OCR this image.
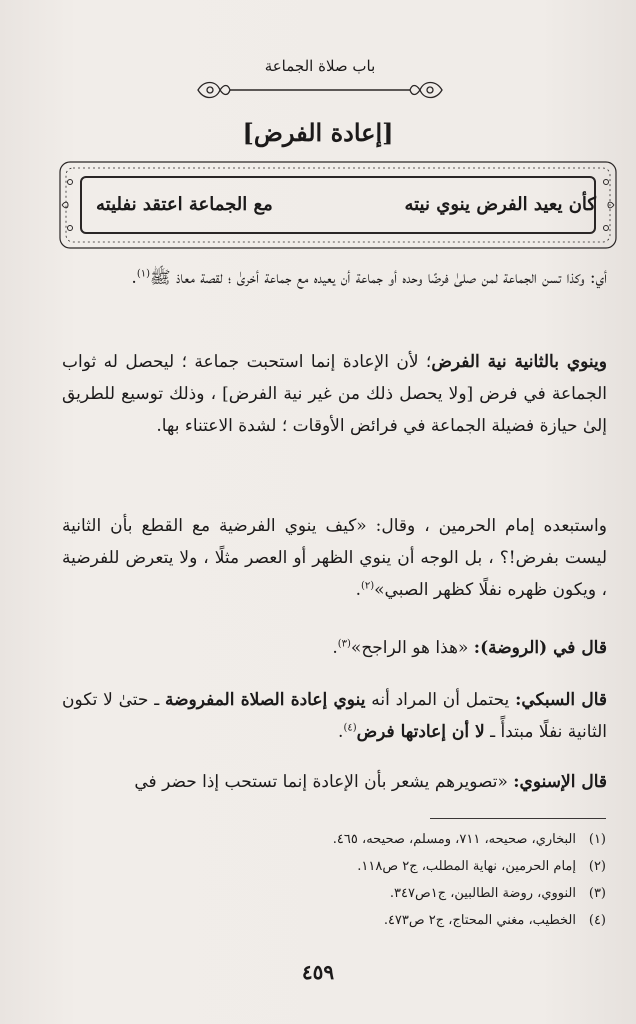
باب صلاة الجماعة
[إعادة الفرض]
كأن يعيد الفرض ينوي نيته
مع الجماعة اعتقد نفليته
أي: وكذا تسن الجماعة لمن صلىٰ فرضًا وحده أو جماعة أن يعيده مع جماعة أخرىٰ ؛ لقصة معاذ ﷺ$^{(١)}$.
وينوي بالثانية نية الفرض؛ لأن الإعادة إنما استحبت جماعة ؛ ليحصل له ثواب الجماعة في فرض [ولا يحصل ذلك من غير نية الفرض] ، وذلك توسيع للطريق إلىٰ حيازة فضيلة الجماعة في فرائض الأوقات ؛ لشدة الاعتناء بها.
واستبعده إمام الحرمين ، وقال: «كيف ينوي الفرضية مع القطع بأن الثانية ليست بفرض!؟ ، بل الوجه أن ينوي الظهر أو العصر مثلًا ، ولا يتعرض للفرضية ، ويكون ظهره نفلًا كظهر الصبي»$^{(٢)}$.
قال في (الروضة): «هذا هو الراجح»$^{(٣)}$.
قال السبكي: يحتمل أن المراد أنه ينوي إعادة الصلاة المفروضة ـ حتىٰ لا تكون الثانية نفلًا مبتدأً ـ لا أن إعادتها فرض$^{(٤)}$.
قال الإسنوي: «تصويرهم يشعر بأن الإعادة إنما تستحب إذا حضر في
(١)البخاري، صحيحه، ٧١١، ومسلم، صحيحه، ٤٦٥.
(٢)إمام الحرمين، نهاية المطلب، ج٢ ص١١٨.
(٣)النووي، روضة الطالبين، ج١ص٣٤٧.
(٤)الخطيب، مغني المحتاج، ج٢ ص٤٧٣.
٤٥٩
